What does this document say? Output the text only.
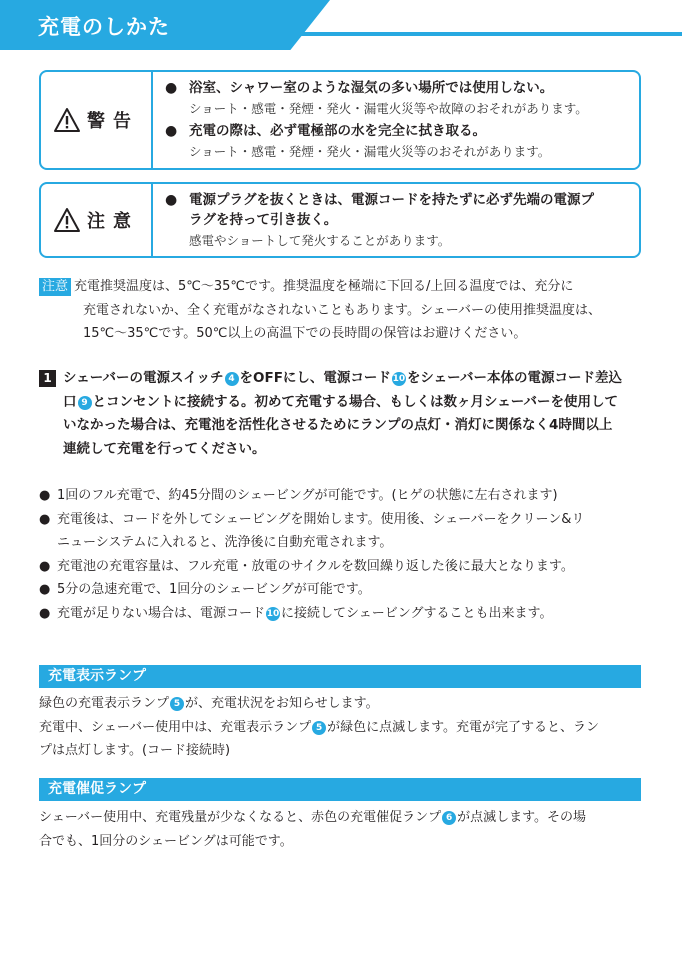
充電のしかた
警告
● 浴室、シャワー室のような湿気の多い場所では使用しない。
ショート・感電・発煙・発火・漏電火災等や故障のおそれがあります。
● 充電の際は、必ず電極部の水を完全に拭き取る。
ショート・感電・発煙・発火・漏電火災等のおそれがあります。
注意
● 電源プラグを抜くときは、電源コードを持たずに必ず先端の電源プ
ラグを持って引き抜く。
感電やショートして発火することがあります。
注意 充電推奨温度は、5℃〜35℃です。推奨温度を極端に下回る/上回る温度では、充分に
充電されないか、全く充電がなされないこともあります。シェーバーの使用推奨温度は、
15℃〜35℃です。50℃以上の高温下での長時間の保管はお避けください。
1 シェーバーの電源スイッチ 4 をOFFにし、電源コード 10 をシェーバー本体の電源コード差込
口 9 とコンセントに接続する。初めて充電する場合、もしくは数ヶ月シェーバーを使用して
いなかった場合は、充電池を活性化させるためにランプの点灯・消灯に関係なく4時間以上
連続して充電を行ってください。
● 1回のフル充電で、約45分間のシェービングが可能です。(ヒゲの状態に左右されます)
● 充電後は、コードを外してシェービングを開始します。使用後、シェーバーをクリーン&リ
ニューシステムに入れると、洗浄後に自動充電されます。
● 充電池の充電容量は、フル充電・放電のサイクルを数回繰り返した後に最大となります。
● 5分の急速充電で、1回分のシェービングが可能です。
● 充電が足りない場合は、電源コード 10 に接続してシェービングすることも出来ます。
充電表示ランプ
緑色の充電表示ランプ 5 が、充電状況をお知らせします。
充電中、シェーバー使用中は、充電表示ランプ 5 が緑色に点滅します。充電が完了すると、ラン
プは点灯します。(コード接続時)
充電催促ランプ
シェーバー使用中、充電残量が少なくなると、赤色の充電催促ランプ 6 が点滅します。その場
合でも、1回分のシェービングは可能です。
